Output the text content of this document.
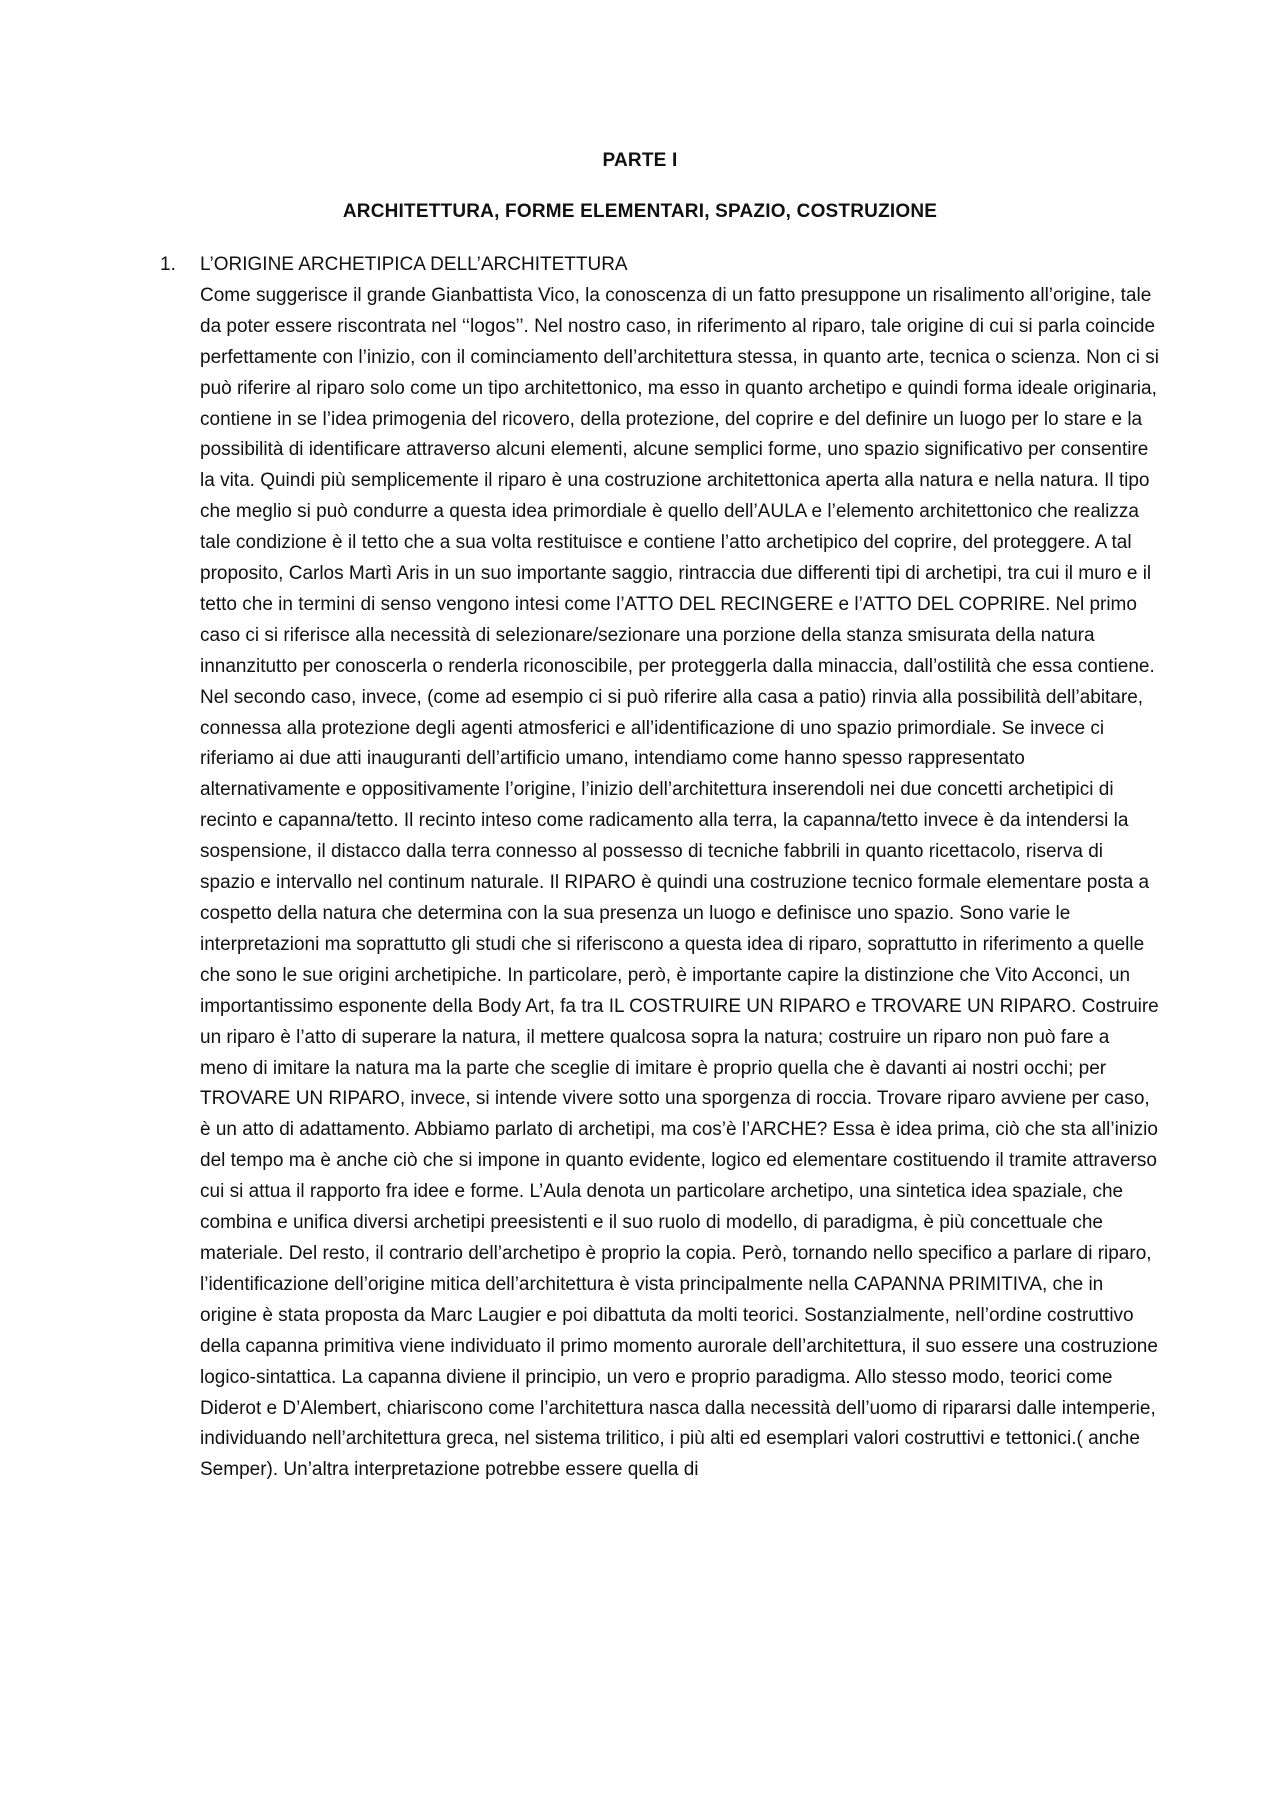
PARTE I
ARCHITETTURA, FORME ELEMENTARI, SPAZIO, COSTRUZIONE
1. L’ORIGINE ARCHETIPICA DELL’ARCHITETTURA

Come suggerisce il grande Gianbattista Vico, la conoscenza di un fatto presuppone un risalimento all’origine, tale da poter essere riscontrata nel ‘‘logos’’. Nel nostro caso, in riferimento al riparo, tale origine di cui si parla coincide perfettamente con l’inizio, con il cominciamento dell’architettura stessa, in quanto arte, tecnica o scienza. Non ci si può riferire al riparo solo come un tipo architettonico, ma esso in quanto archetipo e quindi forma ideale originaria, contiene in se l’idea primogenia del ricovero, della protezione, del coprire e del definire un luogo per lo stare e la possibilità di identificare attraverso alcuni elementi, alcune semplici forme, uno spazio significativo per consentire la vita. Quindi più semplicemente il riparo è una costruzione architettonica aperta alla natura e nella natura. Il tipo che meglio si può condurre a questa idea primordiale è quello dell’AULA e l’elemento architettonico che realizza tale condizione è il tetto che a sua volta restituisce e contiene l’atto archetipico del coprire, del proteggere. A tal proposito, Carlos Martì Aris in un suo importante saggio, rintraccia due differenti tipi di archetipi, tra cui il muro e il tetto che in termini di senso vengono intesi come l’ATTO DEL RECINGERE e l’ATTO DEL COPRIRE. Nel primo caso ci si riferisce alla necessità di selezionare/sezionare una porzione della stanza smisurata della natura innanzitutto per conoscerla o renderla riconoscibile, per proteggerla dalla minaccia, dall’ostilità che essa contiene. Nel secondo caso, invece, (come ad esempio ci si può riferire alla casa a patio) rinvia alla possibilità dell’abitare, connessa alla protezione degli agenti atmosferici e all’identificazione di uno spazio primordiale. Se invece ci riferiamo ai due atti inauguranti dell’artificio umano, intendiamo come hanno spesso rappresentato alternativamente e oppositivamente l’origine, l’inizio dell’architettura inserendoli nei due concetti archetipici di recinto e capanna/tetto. Il recinto inteso come radicamento alla terra, la capanna/tetto invece è da intendersi la sospensione, il distacco dalla terra connesso al possesso di tecniche fabbrili in quanto ricettacolo, riserva di spazio e intervallo nel continum naturale. Il RIPARO è quindi una costruzione tecnico formale elementare posta a cospetto della natura che determina con la sua presenza un luogo e definisce uno spazio. Sono varie le interpretazioni ma soprattutto gli studi che si riferiscono a questa idea di riparo, soprattutto in riferimento a quelle che sono le sue origini archetipiche. In particolare, però, è importante capire la distinzione che Vito Acconci, un importantissimo esponente della Body Art, fa tra IL COSTRUIRE UN RIPARO e TROVARE UN RIPARO. Costruire un riparo è l’atto di superare la natura, il mettere qualcosa sopra la natura; costruire un riparo non può fare a meno di imitare la natura ma la parte che sceglie di imitare è proprio quella che è davanti ai nostri occhi; per TROVARE UN RIPARO, invece, si intende vivere sotto una sporgenza di roccia. Trovare riparo avviene per caso, è un atto di adattamento. Abbiamo parlato di archetipi, ma cos’è l’ARCHE? Essa è idea prima, ciò che sta all’inizio del tempo ma è anche ciò che si impone in quanto evidente, logico ed elementare costituendo il tramite attraverso cui si attua il rapporto fra idee e forme. L’Aula denota un particolare archetipo, una sintetica idea spaziale, che combina e unifica diversi archetipi preesistenti e il suo ruolo di modello, di paradigma, è più concettuale che materiale. Del resto, il contrario dell’archetipo è proprio la copia. Però, tornando nello specifico a parlare di riparo, l’identificazione dell’origine mitica dell’architettura è vista principalmente nella CAPANNA PRIMITIVA, che in origine è stata proposta da Marc Laugier e poi dibattuta da molti teorici. Sostanzialmente, nell’ordine costruttivo della capanna primitiva viene individuato il primo momento aurorale dell’architettura, il suo essere una costruzione logico-sintattica. La capanna diviene il principio, un vero e proprio paradigma. Allo stesso modo, teorici come Diderot e D’Alembert, chiariscono come l’architettura nasca dalla necessità dell’uomo di ripararsi dalle intemperie, individuando nell’architettura greca, nel sistema trilitico, i più alti ed esemplari valori costruttivi e tettonici.( anche Semper). Un’altra interpretazione potrebbe essere quella di
